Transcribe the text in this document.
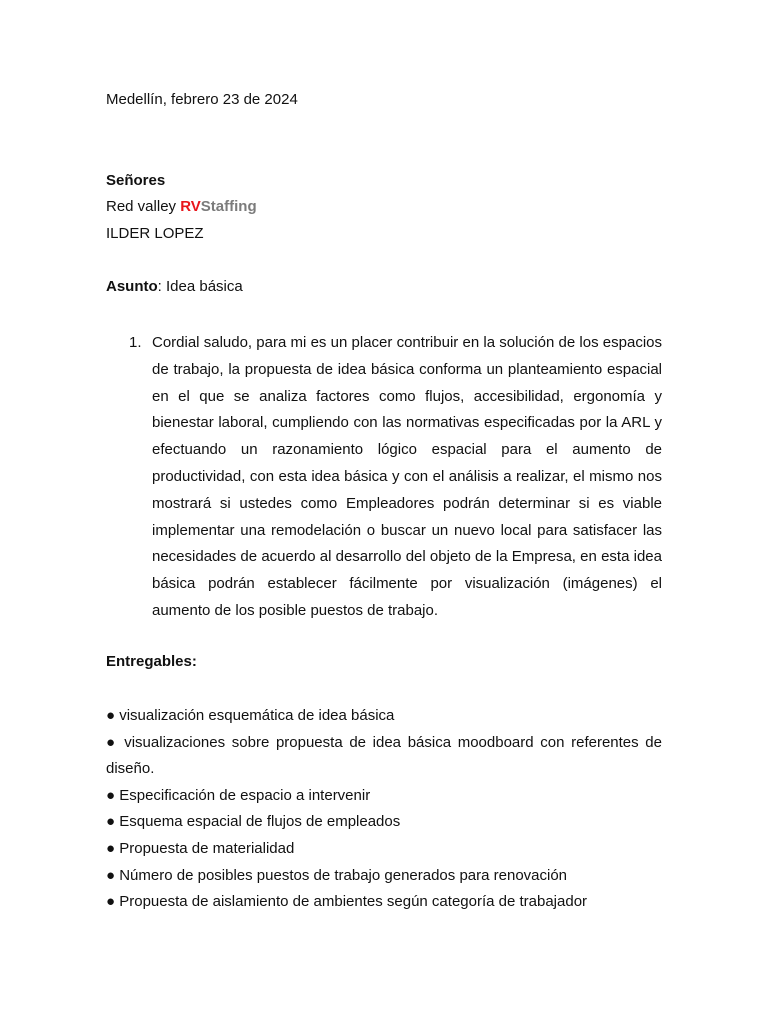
Medellín, febrero 23 de 2024
Señores
Red valley RVStaffing
ILDER LOPEZ
Asunto: Idea básica
1. Cordial saludo, para mi es un placer contribuir en la solución de los espacios de trabajo, la propuesta de idea básica conforma un planteamiento espacial en el que se analiza factores como flujos, accesibilidad, ergonomía y bienestar laboral, cumpliendo con las normativas especificadas por la ARL y efectuando un razonamiento lógico espacial para el aumento de productividad, con esta idea básica y con el análisis a realizar, el mismo nos mostrará si ustedes como Empleadores podrán determinar si es viable implementar una remodelación o buscar un nuevo local para satisfacer las necesidades de acuerdo al desarrollo del objeto de la Empresa, en esta idea básica podrán establecer fácilmente por visualización (imágenes) el aumento de los posible puestos de trabajo.
Entregables:
● visualización esquemática de idea básica
● visualizaciones sobre propuesta de idea básica moodboard con referentes de diseño.
● Especificación de espacio a intervenir
● Esquema espacial de flujos de empleados
● Propuesta de materialidad
● Número de posibles puestos de trabajo generados para renovación
● Propuesta de aislamiento de ambientes según categoría de trabajador
